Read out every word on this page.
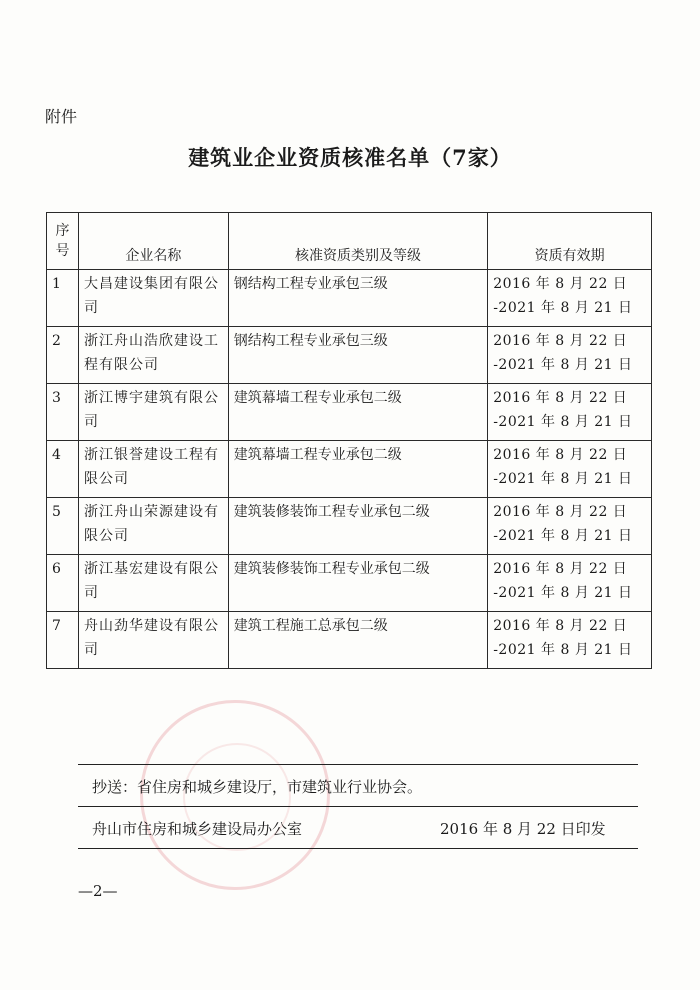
附件
建筑业企业资质核准名单（7家）
序
号	企业名称	核准资质类别及等级	资质有效期
1	大昌建设集团有限公司	钢结构工程专业承包三级	2016 年 8 月 22 日
-2021 年 8 月 21 日
2	浙江舟山浩欣建设工程有限公司	钢结构工程专业承包三级	2016 年 8 月 22 日
-2021 年 8 月 21 日
3	浙江博宇建筑有限公司	建筑幕墙工程专业承包二级	2016 年 8 月 22 日
-2021 年 8 月 21 日
4	浙江银誉建设工程有限公司	建筑幕墙工程专业承包二级	2016 年 8 月 22 日
-2021 年 8 月 21 日
5	浙江舟山荣源建设有限公司	建筑装修装饰工程专业承包二级	2016 年 8 月 22 日
-2021 年 8 月 21 日
6	浙江基宏建设有限公司	建筑装修装饰工程专业承包二级	2016 年 8 月 22 日
-2021 年 8 月 21 日
7	舟山劲华建设有限公司	建筑工程施工总承包二级	2016 年 8 月 22 日
-2021 年 8 月 21 日
抄送：省住房和城乡建设厅，市建筑业行业协会。
舟山市住房和城乡建设局办公室	2016 年 8 月 22 日印发
—2—
